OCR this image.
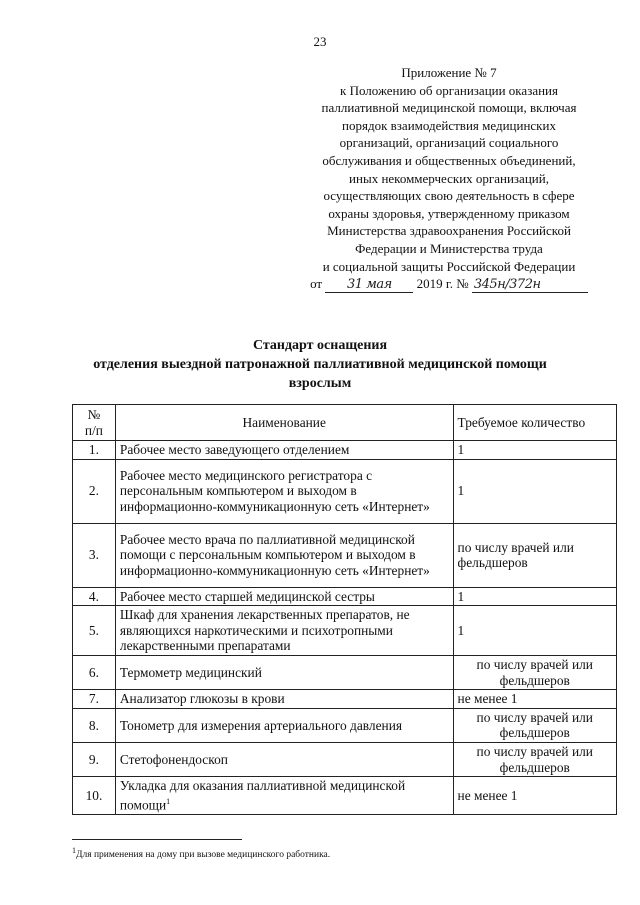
23
Приложение № 7
к Положению об организации оказания
паллиативной медицинской помощи, включая
порядок взаимодействия медицинских
организаций, организаций социального
обслуживания и общественных объединений,
иных некоммерческих организаций,
осуществляющих свою деятельность в сфере
охраны здоровья, утвержденному приказом
Министерства здравоохранения Российской
Федерации и Министерства труда
и социальной защиты Российской Федерации
от 31 мая 2019 г. № 345н/372н
Стандарт оснащения
отделения выездной патронажной паллиативной медицинской помощи
взрослым
№
п/п	Наименование	Требуемое количество
1.	Рабочее место заведующего отделением	1
2.	Рабочее место медицинского регистратора с персональным компьютером и выходом в информационно-коммуникационную сеть «Интернет»	1
3.	Рабочее место врача по паллиативной медицинской помощи с персональным компьютером и выходом в информационно-коммуникационную сеть «Интернет»	по числу врачей или фельдшеров
4.	Рабочее место старшей медицинской сестры	1
5.	Шкаф для хранения лекарственных препаратов, не являющихся наркотическими и психотропными лекарственными препаратами	1
6.	Термометр медицинский	по числу врачей или фельдшеров
7.	Анализатор глюкозы в крови	не менее 1
8.	Тонометр для измерения артериального давления	по числу врачей или фельдшеров
9.	Стетофонендоскоп	по числу врачей или фельдшеров
10.	Укладка для оказания паллиативной медицинской помощи$^1$	не менее 1
$^1$Для применения на дому при вызове медицинского работника.
